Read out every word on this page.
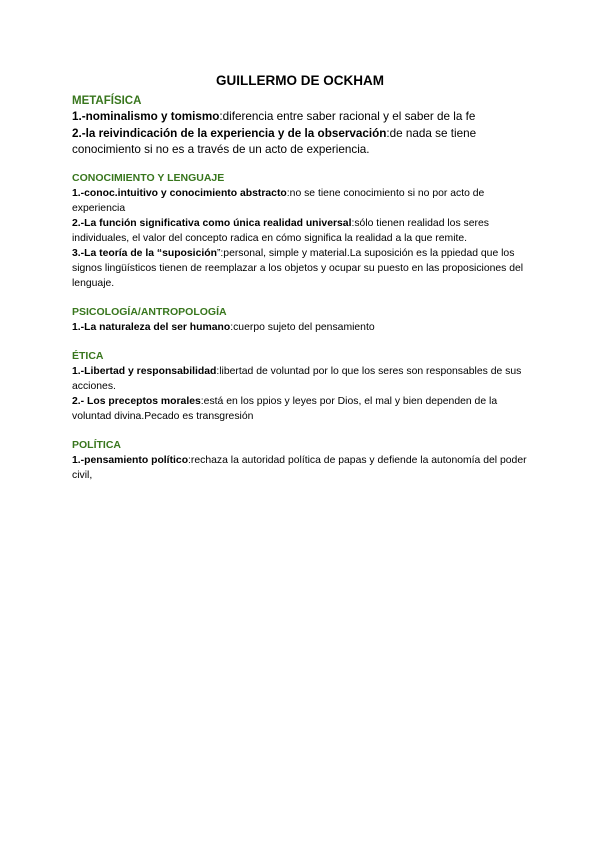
GUILLERMO DE OCKHAM
METAFÍSICA

1.-nominalismo y tomismo:diferencia entre saber racional y el saber de la fe

2.-la reivindicación de la experiencia y de la observación:de nada se tiene conocimiento si no es a través de un acto de experiencia.

CONOCIMIENTO Y LENGUAJE

1.-conoc.intuitivo y conocimiento abstracto:no se tiene conocimiento si no por acto de experiencia

2.-La función significativa como única realidad universal:sólo tienen realidad los seres individuales, el valor del concepto radica en cómo significa la realidad a la que remite.

3.-La teoría de la “suposición”:personal, simple y material.La suposición es la ppiedad que los signos lingüísticos tienen de reemplazar a los objetos y ocupar su puesto en las proposiciones del lenguaje.

PSICOLOGÍA/ANTROPOLOGÍA

1.-La naturaleza del ser humano:cuerpo sujeto del pensamiento

ÉTICA

1.-Libertad y responsabilidad:libertad de voluntad por lo que los seres son responsables de sus acciones.

2.- Los preceptos morales:está en los ppios y leyes por Dios, el mal y bien dependen de la voluntad divina.Pecado es transgresión

POLÍTICA

1.-pensamiento político:rechaza la autoridad política de papas y defiende la autonomía del poder civil,
